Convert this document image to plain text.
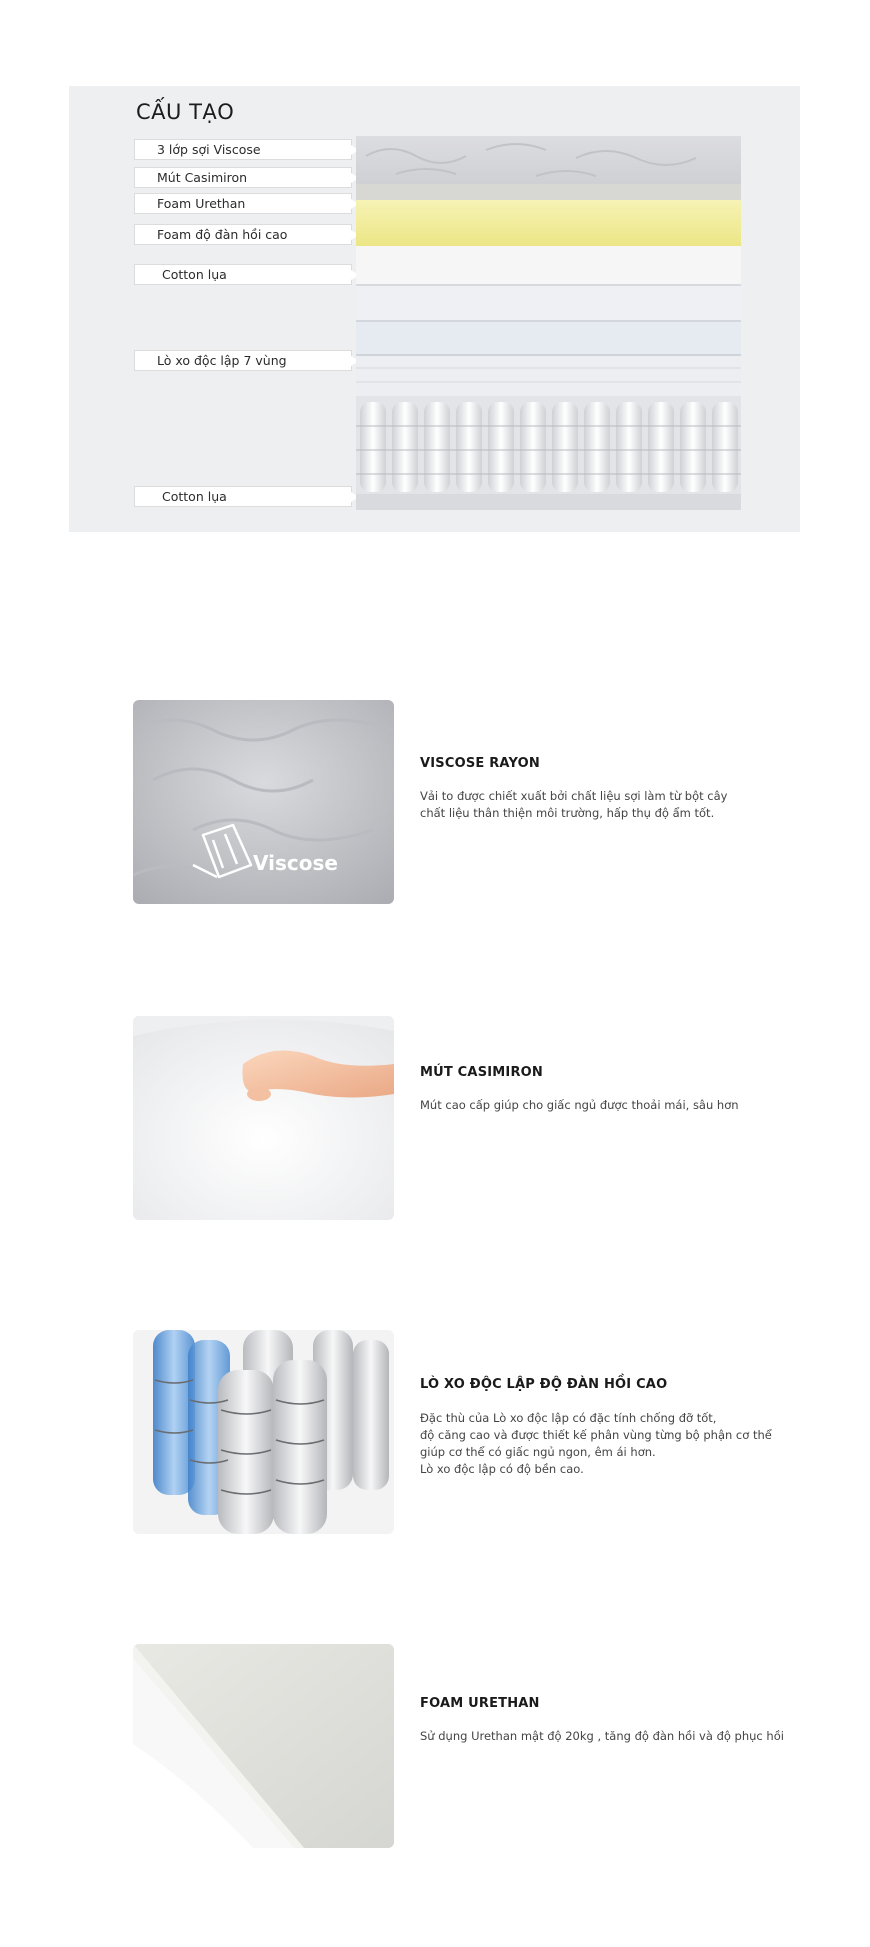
CẤU TẠO
3 lớp sợi Viscose
Mút Casimiron
Foam Urethan
Foam độ đàn hồi cao
Cotton lụa
Lò xo độc lập 7 vùng
Cotton lụa
Viscose
VISCOSE RAYON
Vải to được chiết xuất bởi chất liệu sợi làm từ bột cây
chất liệu thân thiện môi trường, hấp thụ độ ẩm tốt.
MÚT CASIMIRON
Mút cao cấp giúp cho giấc ngủ được thoải mái, sâu hơn
LÒ XO ĐỘC LẬP ĐỘ ĐÀN HỒI CAO
Đặc thù của Lò xo độc lập có đặc tính chống đỡ tốt,
độ căng cao và được thiết kế phân vùng từng bộ phận cơ thể
giúp cơ thể có giấc ngủ ngon, êm ái hơn.
Lò xo độc lập có độ bền cao.
FOAM URETHAN
Sử dụng Urethan mật độ 20kg , tăng độ đàn hồi và độ phục hồi
